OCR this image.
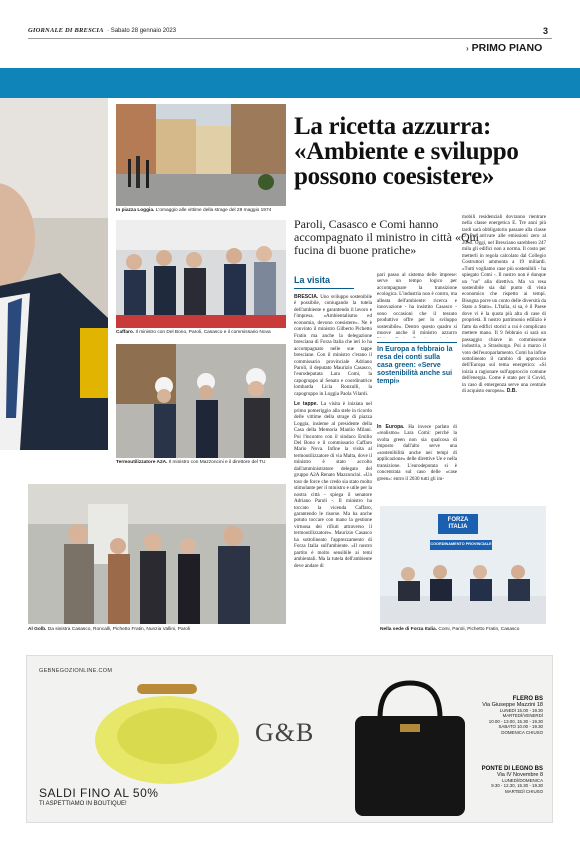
GIORNALE DI BRESCIA  · Sabato 28 gennaio 2023	3
› PRIMO PIANO
In piazza Loggia. L'omaggio alle vittime della strage del 28 maggio 1974
Caffaro. Il ministro con Del Bono, Paroli, Casasco e il commissario Nova
Termoutilizzatore A2A. Il ministro con Mazzoncini e il direttore del TU
Al Golb. Da sinistra Casasco, Roncalli, Pichetto Fratin, Nunzia Vallini, Paroli
La ricetta azzurra: «Ambiente e sviluppo possono coesistere»
Paroli, Casasco e Comi hanno accompagnato il ministro in città «Qui fucina di buone pratiche»
La visita

BRESCIA. Uno sviluppo sostenibile è possibile, coniugando la tutela dell'ambiente e garantendo il lavoro e l'impresa. «Ambientalismo ed economia, devono coesistere». Ne è convinto il ministro Gilberto Pichetto Fratin ma anche la delegazione bresciana di Forza Italia che ieri lo ha accompagnato nelle sue tappe bresciane. Con il ministro c'erano il commissario provinciale Adriano Paroli, il deputato Maurizio Casasco, l'eurodeputata Lara Comi, la capogruppo al Senato e coordinatrice lombarda Licia Ronzulli, la capogruppo in Loggia Paola Vilardi.

Le tappe. La visita è iniziata nel primo pomeriggio alla stele in ricordo delle vittime della strage di piazza Loggia, insieme al presidente della Casa della Memoria Manlio Milani. Poi l'incontro con il sindaco Emilio Del Bono e il commissario Caffaro Mario Nova. Infine la visita al termoutilizzatore di via Malta, dove il ministro è stato accolto dall'amministratore delegato del gruppo A2A Renato Mazzoncini. «Un tour de force che credo sia stato molto stimolante per il ministro e utile per la nostra città - spiega il senatore Adriano Paroli -. Il ministro ha toccato la vicenda Caffaro, garantendo le risorse. Ma ha anche potuto toccare con mano la gestione virtuosa dei rifiuti attraverso il termoutilizzatore». Maurizio Casasco ha sottolineato l'apprezzamento di Forza Italia sull'ambiente. «Il nostro partito è molto sensibile ai temi ambientali. Ma la tutela dell'ambiente deve andare di

pari passo al sistema delle imprese: serve un tempo logico per accompagnare la transizione ecologica. L'industria non è contro, ma alleata dell'ambiente: ricerca e innovazione - ha insistito Casasco - sono occasioni che il tessuto produttivo offre per lo sviluppo sostenibile». Dentro questo quadro si muove anche il ministro azzurro
In Europa a febbraio la resa dei conti sulla casa green: «Serve sostenibilità anche sui tempi»
In Europa. Ha invece parlato di «realismo» Lara Comi: perché la svolta green non sia qualcosa di imposto dall'alto serve una «sostenibilità anche nei tempi di applicazione» delle direttive Ue e nella transizione. L'eurodeputata si è concentrata sul caso delle «case green»: entro il 2030 tutti gli im-
mobili residenziali dovranno rientrare nella classe energetica E. Tre anni più tardi sarà obbligatorio passare alla classe D. Per arrivare alle emissioni zero al 2050. Oggi, nel Bresciano sarebbero 247 mila gli edifici non a norma. Il costo per metterli in regola calcolato dal Collegio Costruttori ammonta a 19 miliardi. «Tutti vogliamo case più sostenibili - ha spiegato Comi -. Il nostro non è dunque un "no" alla direttiva. Ma va resa sostenibile sia dal punto di vista economico che rispetto ai tempi. Bisogna porre un conto delle diversità da Stato a Stato». L'Italia, si sa, è il Paese dove vi è la quota più alta di case di proprietà. Il nostro patrimonio edilizio è fatto da edifici storici a cui è complicato mettere mano. Il 9 febbraio si sarà un passaggio chiave in commissione industria, a Strasburgo. Poi a marzo il voto dell'europarlamento. Comi ha infine sottolineato il cambio di approccio dell'Europa sul tema energetico: «Si inizia a ragionare sull'approccio comune dell'energia. Come è stato per il Covid, in caso di emergenza serve una centrale di acquisto europea». D.B.
FORZA ITALIA
COORDINAMENTO PROVINCIALE
Nella sede di Forza Italia. Comi, Paroli, Pichetto Fratin, Casasco
GEBNEGOZIONLINE.COM
G&B
SALDI FINO AL 50%
TI ASPETTIAMO IN BOUTIQUE!
FLERO BS
Via Giuseppe Mazzini 18
LUNEDÌ 15.00 - 19.30
MARTEDÌ/VENERDÌ
10.00 - 13.00, 15.30 - 19.30
SABATO 10.00 - 19.30
DOMENICA CHIUSO
PONTE DI LEGNO BS
Via IV Novembre 8
LUNEDÌ/DOMENICA
9.30 - 12.30, 15.30 - 19.30
MARTEDÌ CHIUSO
